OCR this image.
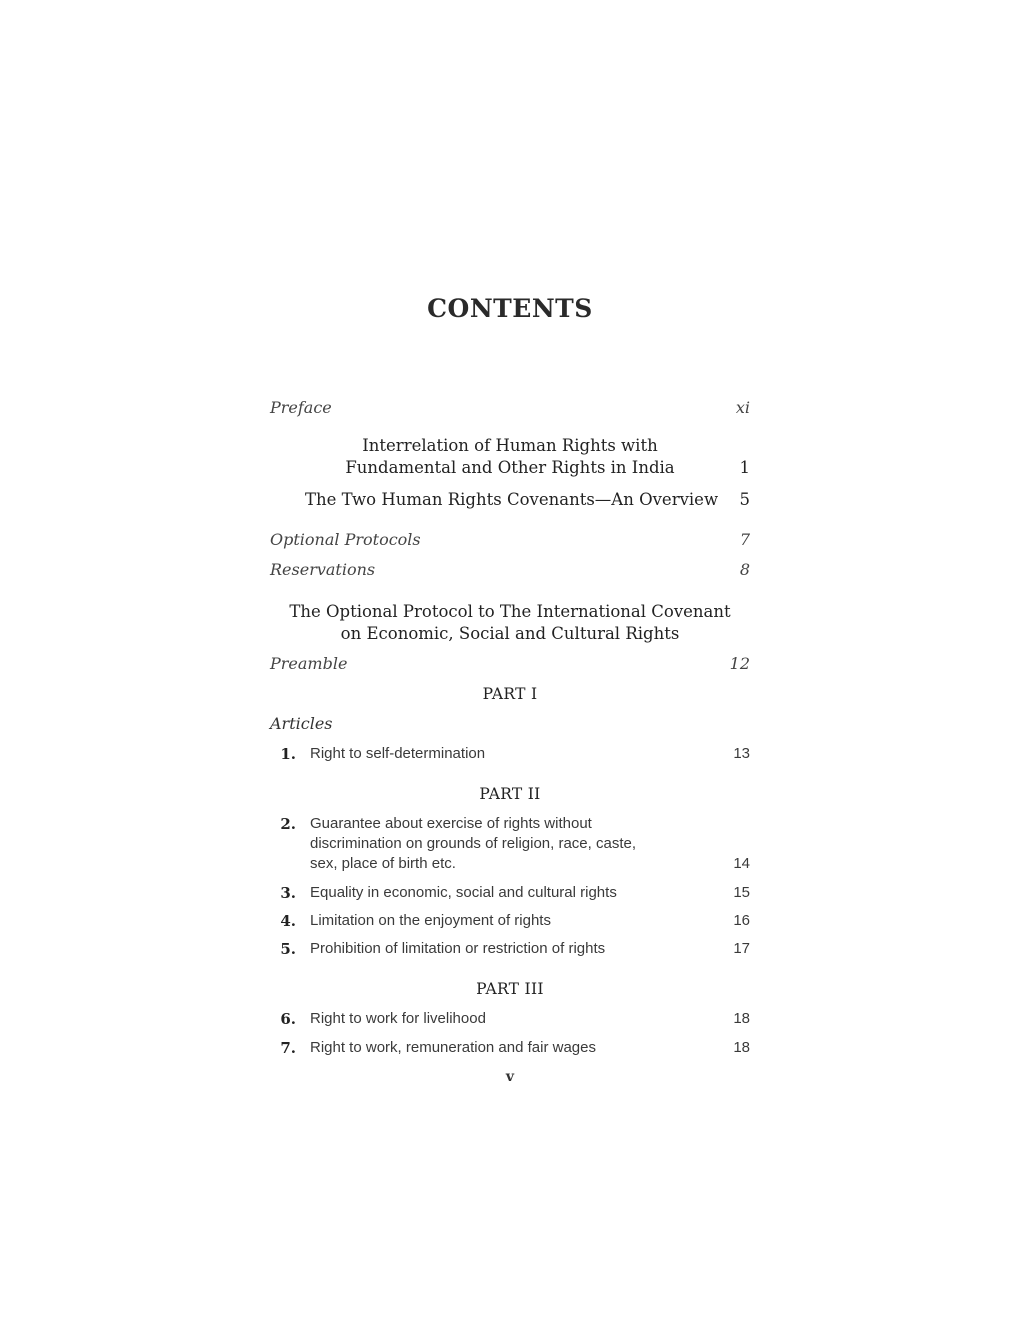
CONTENTS
Preface	xi
Interrelation of Human Rights with
Fundamental and Other Rights in India	1
The Two Human Rights Covenants—An Overview	5
Optional Protocols	7
Reservations	8
The Optional Protocol to The International Covenant
on Economic, Social and Cultural Rights
Preamble	12
PART I
Articles
1. Right to self-determination	13
PART II
2. Guarantee about exercise of rights without
discrimination on grounds of religion, race, caste,
sex, place of birth etc.	14
3. Equality in economic, social and cultural rights	15
4. Limitation on the enjoyment of rights	16
5. Prohibition of limitation or restriction of rights	17
PART III
6. Right to work for livelihood	18
7. Right to work, remuneration and fair wages	18
v
